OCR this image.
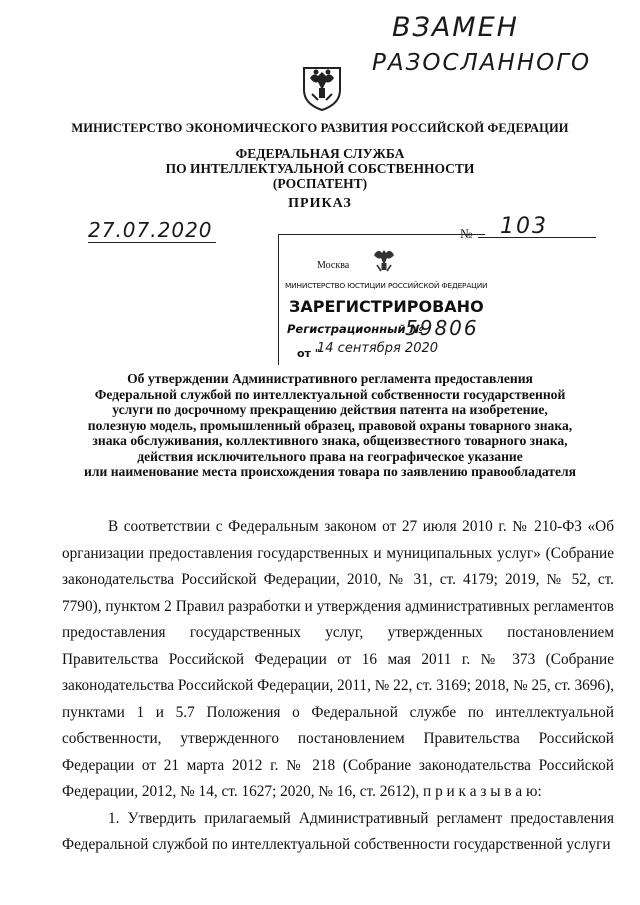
ВЗАМЕН
РАЗОСЛАННОГО
МИНИСТЕРСТВО ЭКОНОМИЧЕСКОГО РАЗВИТИЯ РОССИЙСКОЙ ФЕДЕРАЦИИ
ФЕДЕРАЛЬНАЯ СЛУЖБА
ПО ИНТЕЛЛЕКТУАЛЬНОЙ СОБСТВЕННОСТИ
(РОСПАТЕНТ)
ПРИКАЗ
27.07.2020	№ 103
Москва
МИНИСТЕРСТВО ЮСТИЦИИ РОССИЙСКОЙ ФЕДЕРАЦИИ
ЗАРЕГИСТРИРОВАНО
Регистрационный №
59806
от "
14 сентября 2020
Об утверждении Административного регламента предоставления
Федеральной службой по интеллектуальной собственности государственной
услуги по досрочному прекращению действия патента на изобретение,
полезную модель, промышленный образец, правовой охраны товарного знака,
знака обслуживания, коллективного знака, общеизвестного товарного знака,
действия исключительного права на географическое указание
или наименование места происхождения товара по заявлению правообладателя

В соответствии с Федеральным законом от 27 июля 2010 г. № 210-ФЗ «Об организации предоставления государственных и муниципальных услуг» (Собрание законодательства Российской Федерации, 2010, № 31, ст. 4179; 2019, № 52, ст. 7790), пунктом 2 Правил разработки и утверждения административных регламентов предоставления государственных услуг, утвержденных постановлением Правительства Российской Федерации от 16 мая 2011 г. № 373 (Собрание законодательства Российской Федерации, 2011, № 22, ст. 3169; 2018, № 25, ст. 3696), пунктами 1 и 5.7 Положения о Федеральной службе по интеллектуальной собственности, утвержденного постановлением Правительства Российской Федерации от 21 марта 2012 г. № 218 (Собрание законодательства Российской Федерации, 2012, № 14, ст. 1627; 2020, № 16, ст. 2612), п р и к а з ы в а ю:

1. Утвердить прилагаемый Административный регламент предоставления Федеральной службой по интеллектуальной собственности государственной услуги
